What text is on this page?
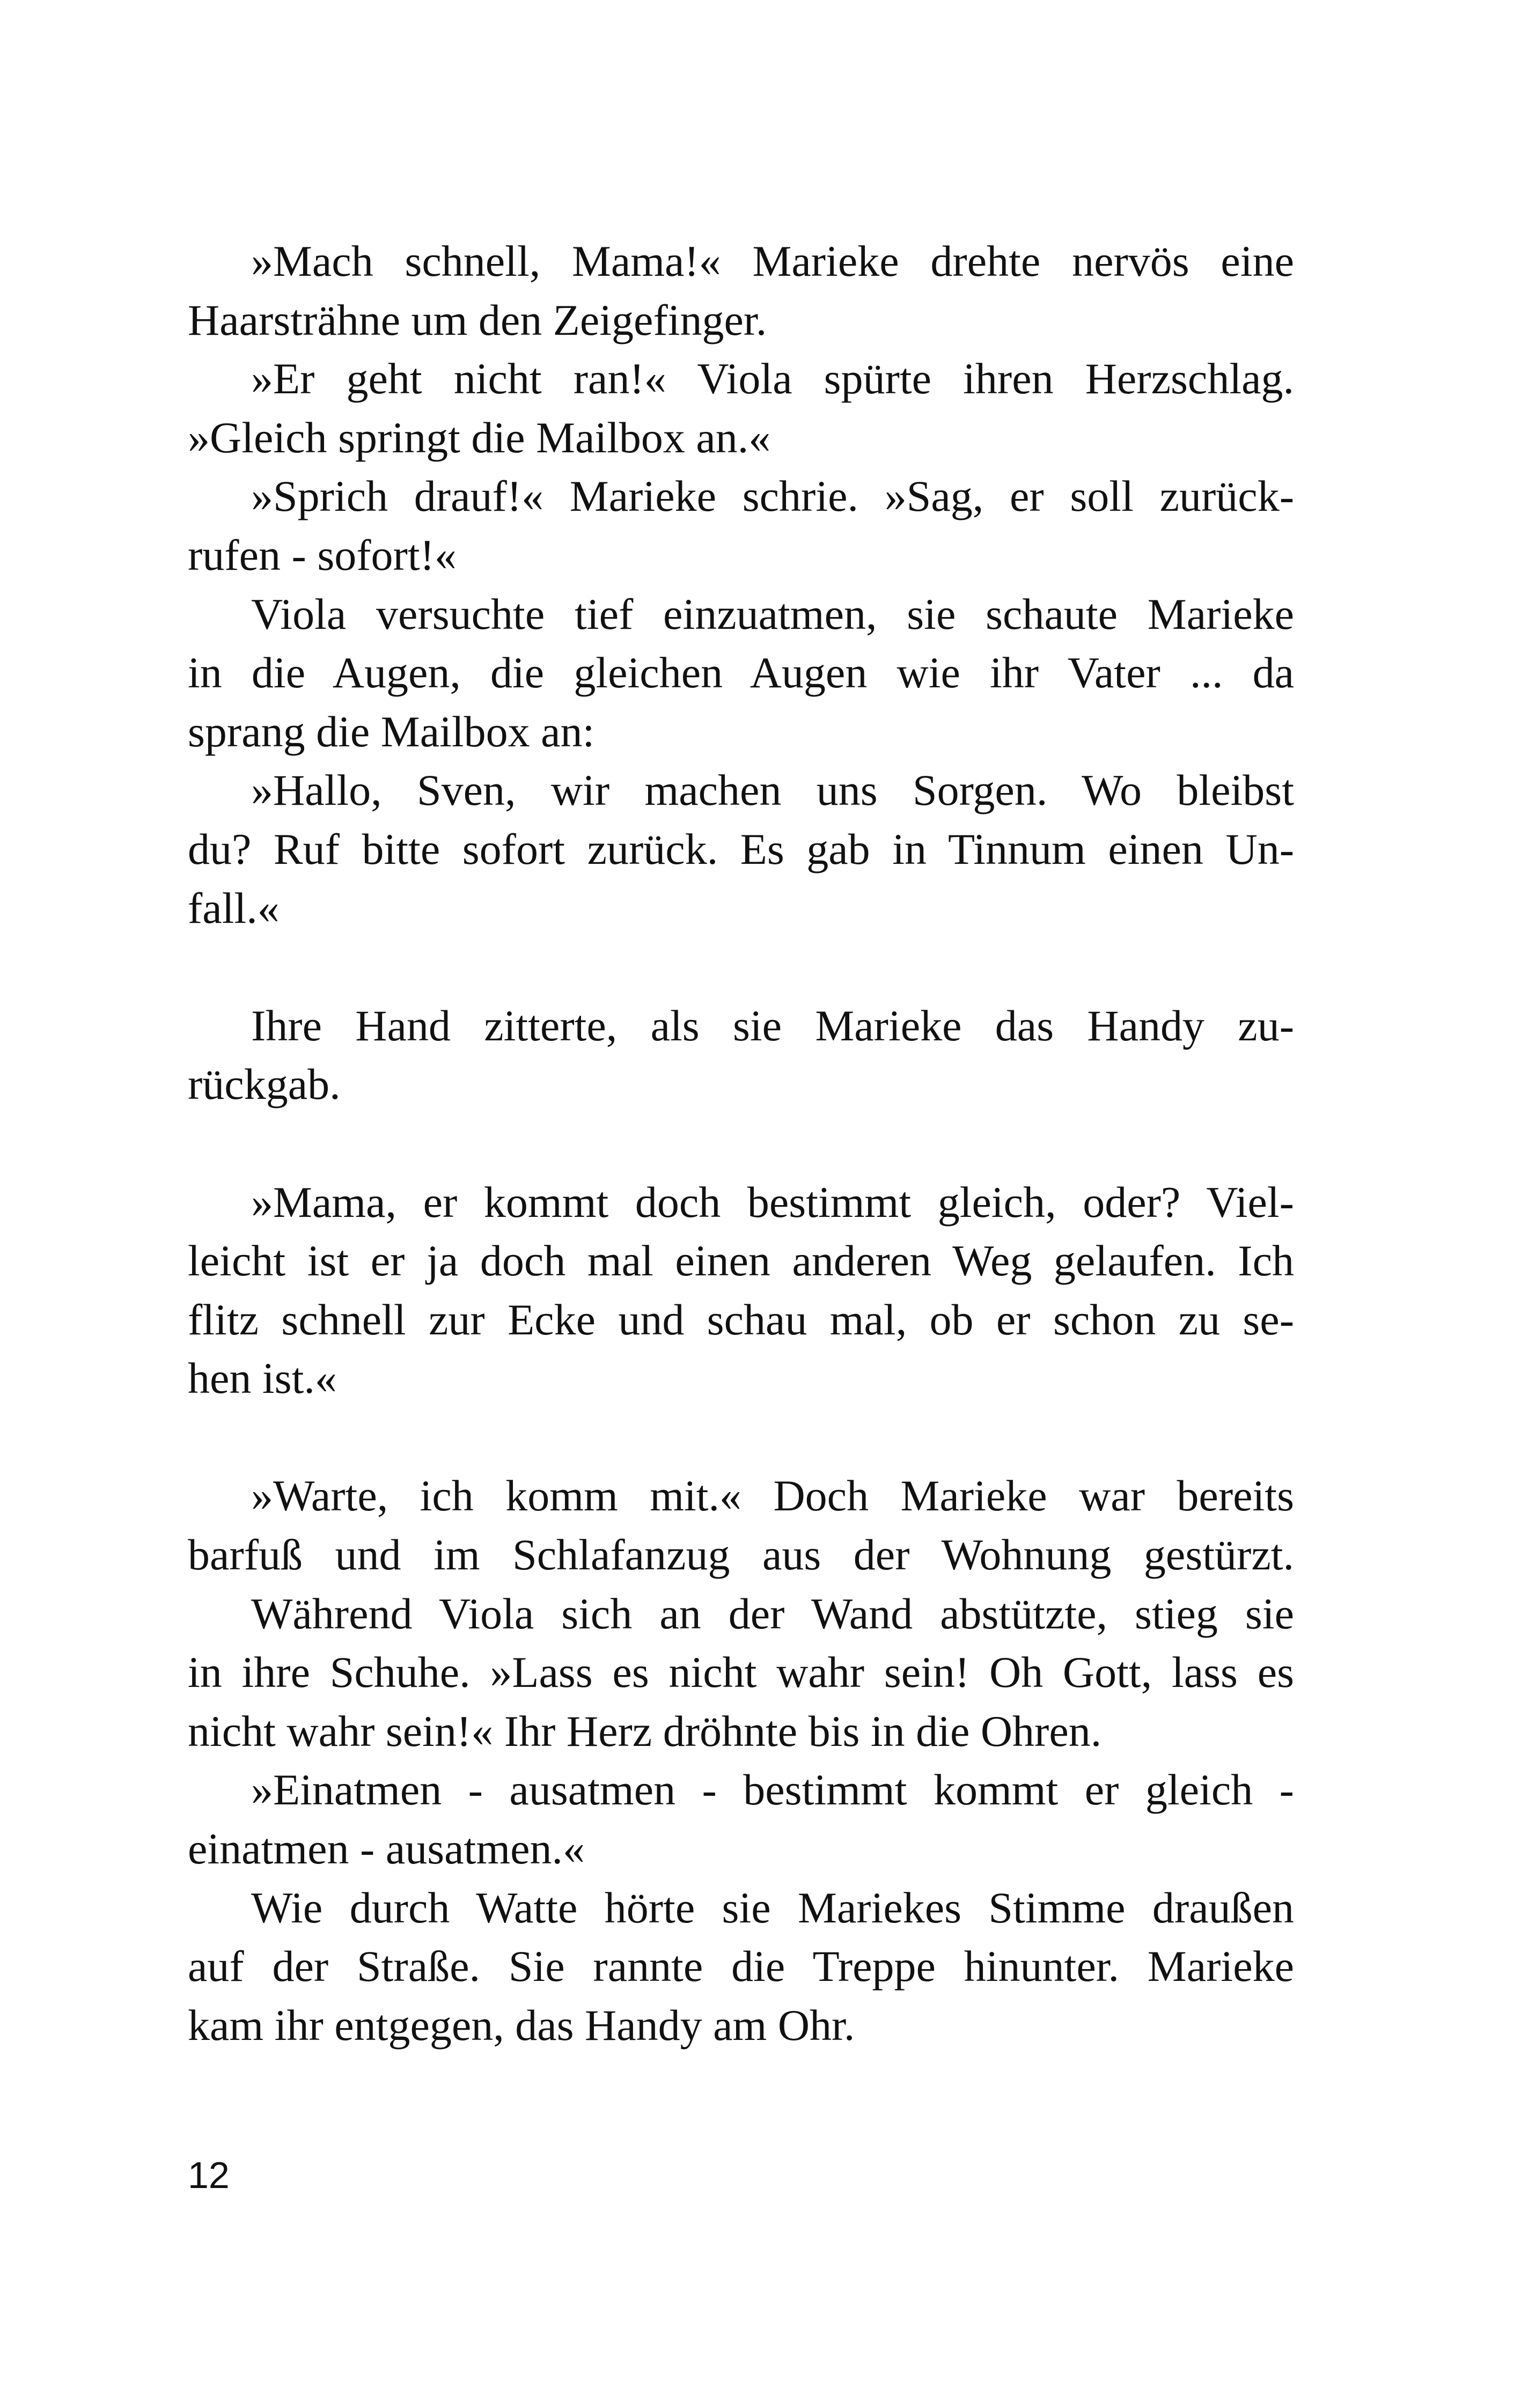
»Mach schnell, Mama!« Marieke drehte nervös eine
Haarsträhne um den Zeigefinger.
»Er geht nicht ran!« Viola spürte ihren Herzschlag.
»Gleich springt die Mailbox an.«
»Sprich drauf!« Marieke schrie. »Sag, er soll zurück-
rufen - sofort!«
Viola versuchte tief einzuatmen, sie schaute Marieke
in die Augen, die gleichen Augen wie ihr Vater ... da
sprang die Mailbox an:
»Hallo, Sven, wir machen uns Sorgen. Wo bleibst
du? Ruf bitte sofort zurück. Es gab in Tinnum einen Un-
fall.«
Ihre Hand zitterte, als sie Marieke das Handy zu-
rückgab.
»Mama, er kommt doch bestimmt gleich, oder? Viel-
leicht ist er ja doch mal einen anderen Weg gelaufen. Ich
flitz schnell zur Ecke und schau mal, ob er schon zu se-
hen ist.«
»Warte, ich komm mit.« Doch Marieke war bereits
barfuß und im Schlafanzug aus der Wohnung gestürzt.
Während Viola sich an der Wand abstützte, stieg sie
in ihre Schuhe. »Lass es nicht wahr sein! Oh Gott, lass es
nicht wahr sein!« Ihr Herz dröhnte bis in die Ohren.
»Einatmen - ausatmen - bestimmt kommt er gleich -
einatmen - ausatmen.«
Wie durch Watte hörte sie Mariekes Stimme draußen
auf der Straße. Sie rannte die Treppe hinunter. Marieke
kam ihr entgegen, das Handy am Ohr.
12
